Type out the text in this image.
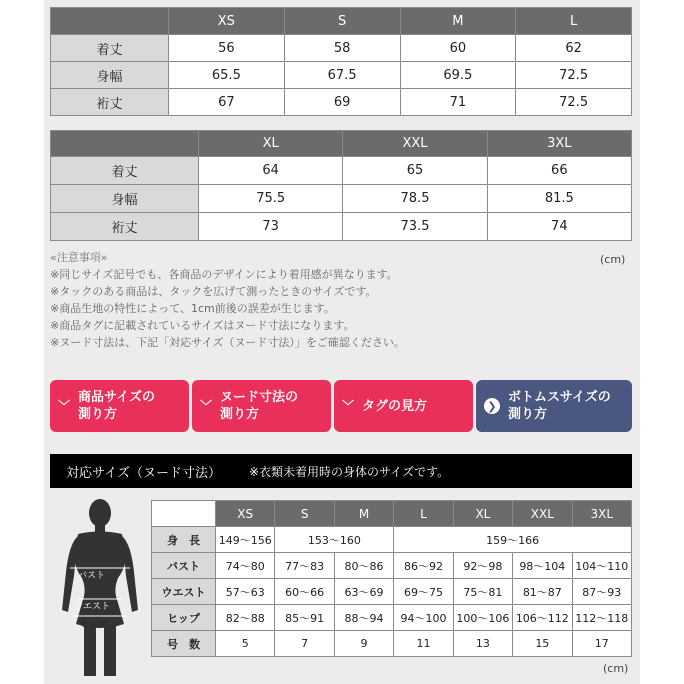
	XS	S	M	L
着丈	56	58	60	62
身幅	65.5	67.5	69.5	72.5
裄丈	67	69	71	72.5
	XL	XXL	3XL
着丈	64	65	66
身幅	75.5	78.5	81.5
裄丈	73	73.5	74
(cm)
«注意事項»
※同じサイズ記号でも、各商品のデザインにより着用感が異なります。
※タックのある商品は、タックを広げて測ったときのサイズです。
※商品生地の特性によって、1cm前後の誤差が生じます。
※商品タグに記載されているサイズはヌード寸法になります。
※ヌード寸法は、下記「対応サイズ（ヌード寸法）」をご確認ください。
﹀
商品サイズの
測り方
﹀
ヌード寸法の
測り方
﹀ タグの見方	❯
ボトムスサイズの
測り方
対応サイズ（ヌード寸法） ※衣類未着用時の身体のサイズです。
バスト
ウエスト
ヒップ
	XS	S	M	L	XL	XXL	3XL
身　長	149〜156	153〜160		159〜166			
バスト	74〜80	77〜83	80〜86	86〜92	92〜98	98〜104	104〜110
ウエスト	57〜63	60〜66	63〜69	69〜75	75〜81	81〜87	87〜93
ヒップ	82〜88	85〜91	88〜94	94〜100	100〜106	106〜112	112〜118
号　数	5	7	9	11	13	15	17
(cm)
